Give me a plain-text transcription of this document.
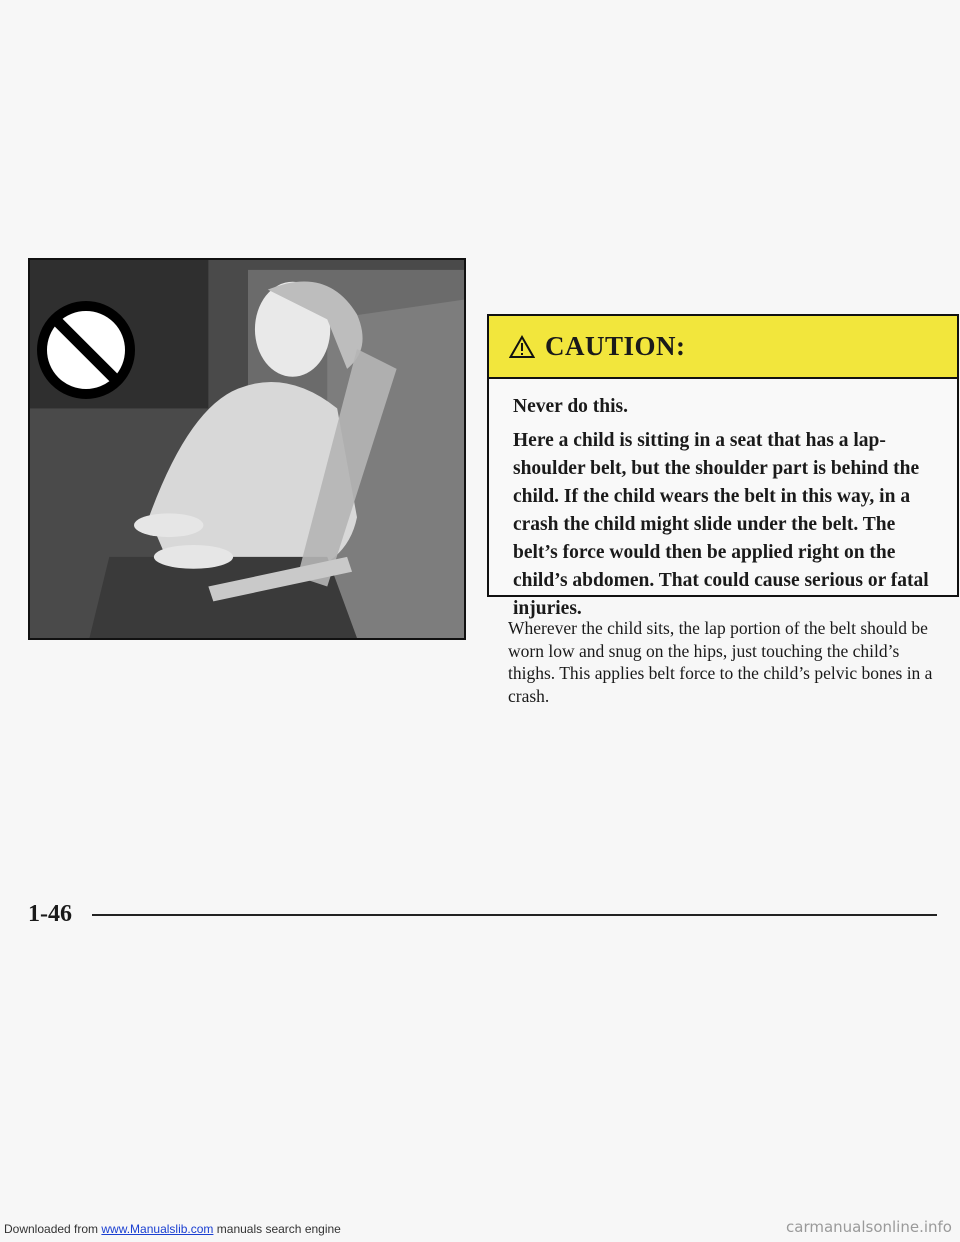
CAUTION:

Never do this.

Here a child is sitting in a seat that has a lap-shoulder belt, but the shoulder part is behind the child. If the child wears the belt in this way, in a crash the child might slide under the belt. The belt’s force would then be applied right on the child’s abdomen. That could cause serious or fatal injuries.

Wherever the child sits, the lap portion of the belt should be worn low and snug on the hips, just touching the child’s thighs. This applies belt force to the child’s pelvic bones in a crash.

1-46
Downloaded from www.Manualslib.com manuals search engine	carmanualsonline.info
